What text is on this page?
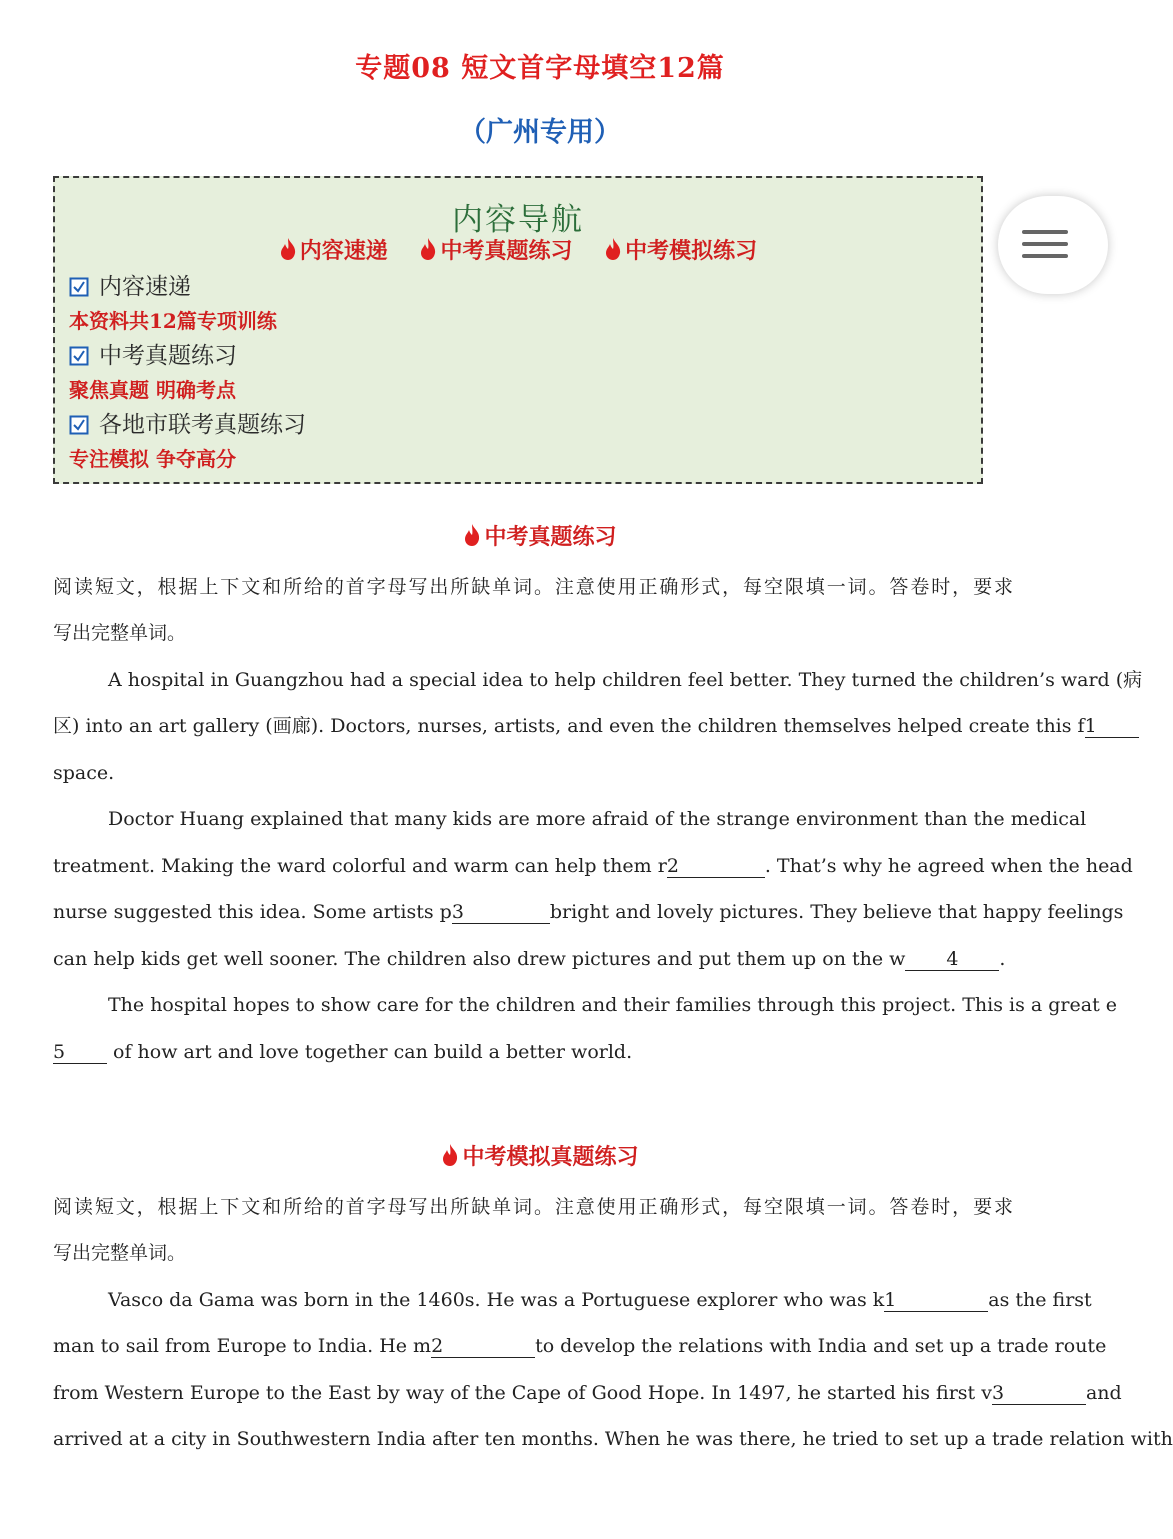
专题08 短文首字母填空12篇
（广州专用）
内容导航
内容速递 中考真题练习 中考模拟练习
内容速递
本资料共12篇专项训练
中考真题练习
聚焦真题 明确考点
各地市联考真题练习
专注模拟 争夺高分
中考真题练习
阅读短文，根据上下文和所给的首字母写出所缺单词。注意使用正确形式，每空限填一词。答卷时，要求
写出完整单词。
A hospital in Guangzhou had a special idea to help children feel better. They turned the children’s ward (病
区) into an art gallery (画廊). Doctors, nurses, artists, and even the children themselves helped create this f1
space.
Doctor Huang explained that many kids are more afraid of the strange environment than the medical
treatment. Making the ward colorful and warm can help them r2	. That’s why he agreed when the head
nurse suggested this idea. Some artists p3	bright and lovely pictures. They believe that happy feelings
can help kids get well sooner. The children also drew pictures and put them up on the w 4 .
The hospital hopes to show care for the children and their families through this project. This is a great e
5	of how art and love together can build a better world.
中考模拟真题练习
阅读短文，根据上下文和所给的首字母写出所缺单词。注意使用正确形式，每空限填一词。答卷时，要求
写出完整单词。
Vasco da Gama was born in the 1460s. He was a Portuguese explorer who was k1	as the first
man to sail from Europe to India. He m2	to develop the relations with India and set up a trade route
from Western Europe to the East by way of the Cape of Good Hope. In 1497, he started his first v3	and
arrived at a city in Southwestern India after ten months. When he was there, he tried to set up a trade relation with
